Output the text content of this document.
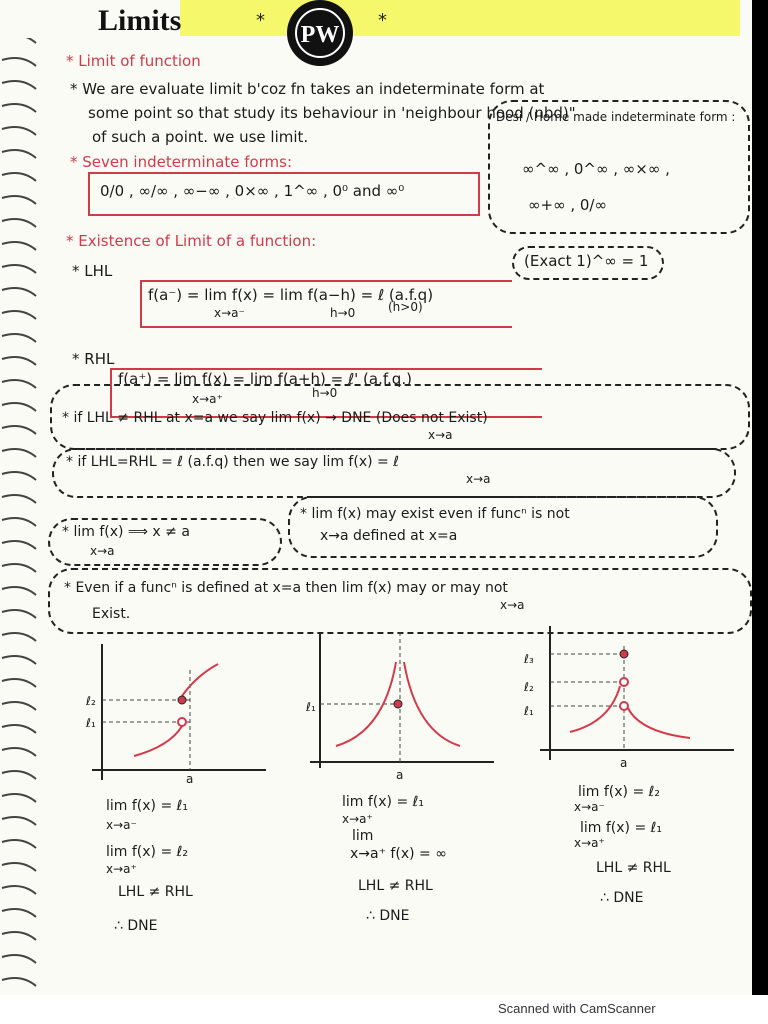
Limits	*	*
PW
* Limit of function
* We are evaluate limit b'coz fn takes an indeterminate form at
some point so that study its behaviour in 'neighbour hood (nbd)"
of such a point. we use limit.
* Seven indeterminate forms:
0/0 , ∞/∞ , ∞−∞ , 0×∞ , 1^∞ , 0⁰ and ∞⁰
Desi / Home made indeterminate form :
∞^∞ , 0^∞ , ∞×∞ ,
∞+∞ , 0/∞
* Existence of Limit of a function:
* LHL
f(a⁻) = lim f(x) = lim f(a−h) = ℓ (a.f.q)
x→a⁻	h→0	(h>0)
(Exact 1)^∞ = 1
* RHL
f(a⁺) = lim f(x) = lim f(a+h) = ℓ' (a.f.q.)
x→a⁺	h→0
* if LHL ≠ RHL at x=a we say lim f(x) → DNE (Does not Exist)
x→a
* if LHL=RHL = ℓ (a.f.q) then we say lim f(x) = ℓ
x→a
* lim f(x) ⟹ x ≠ a
x→a
* lim f(x) may exist even if funcⁿ is not
x→a defined at x=a
* Even if a funcⁿ is defined at x=a then lim f(x) may or may not
x→a
Exist.
ℓ₂
ℓ₁
a
lim f(x) = ℓ₁
x→a⁻
lim f(x) = ℓ₂
x→a⁺
LHL ≠ RHL
∴ DNE
ℓ₁
a
lim f(x) = ℓ₁
x→a⁺
lim
x→a⁺ f(x) = ∞
LHL ≠ RHL
∴ DNE
ℓ₃
ℓ₂
ℓ₁
a
lim f(x) = ℓ₂
x→a⁻
lim f(x) = ℓ₁
x→a⁺
LHL ≠ RHL
∴ DNE
Scanned with CamScanner
